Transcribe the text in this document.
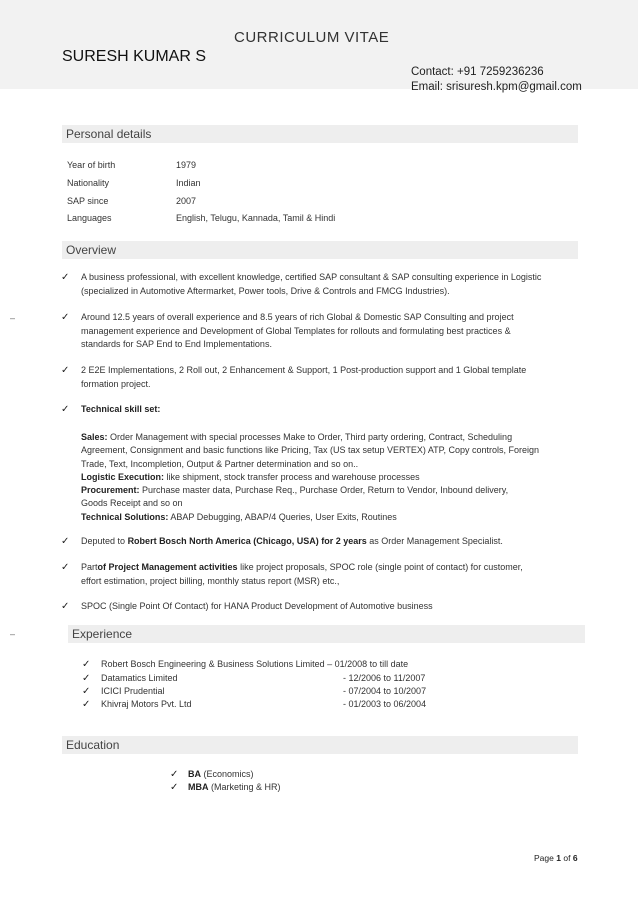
CURRICULUM VITAE
SURESH KUMAR S
Contact: +91 7259236236
Email: srisuresh.kpm@gmail.com
Personal details
Year of birth	1979
Nationality	Indian
SAP since	2007
Languages	English, Telugu, Kannada, Tamil & Hindi
Overview
✓ A business professional, with excellent knowledge, certified SAP consultant & SAP consulting experience in Logistic
(specialized in Automotive Aftermarket, Power tools, Drive & Controls and FMCG Industries).
–	✓ Around 12.5 years of overall experience and 8.5 years of rich Global & Domestic SAP Consulting and project
management experience and Development of Global Templates for rollouts and formulating best practices &
standards for SAP End to End Implementations.
✓ 2 E2E Implementations, 2 Roll out, 2 Enhancement & Support, 1 Post-production support and 1 Global template
formation project.
✓ Technical skill set:
Sales: Order Management with special processes Make to Order, Third party ordering, Contract, Scheduling
Agreement, Consignment and basic functions like Pricing, Tax (US tax setup VERTEX) ATP, Copy controls, Foreign
Trade, Text, Incompletion, Output & Partner determination and so on..
Logistic Execution: like shipment, stock transfer process and warehouse processes
Procurement: Purchase master data, Purchase Req., Purchase Order, Return to Vendor, Inbound delivery,
Goods Receipt and so on
Technical Solutions: ABAP Debugging, ABAP/4 Queries, User Exits, Routines
✓ Deputed to Robert Bosch North America (Chicago, USA) for 2 years as Order Management Specialist.
✓ Partof Project Management activities like project proposals, SPOC role (single point of contact) for customer,
effort estimation, project billing, monthly status report (MSR) etc.,
✓ SPOC (Single Point Of Contact) for HANA Product Development of Automotive business
–	Experience
✓ Robert Bosch Engineering & Business Solutions Limited – 01/2008 to till date
✓ Datamatics Limited	- 12/2006 to 11/2007
✓ ICICI Prudential	- 07/2004 to 10/2007
✓ Khivraj Motors Pvt. Ltd	- 01/2003 to 06/2004
Education
✓ BA (Economics)
✓ MBA (Marketing & HR)
Page 1 of 6
